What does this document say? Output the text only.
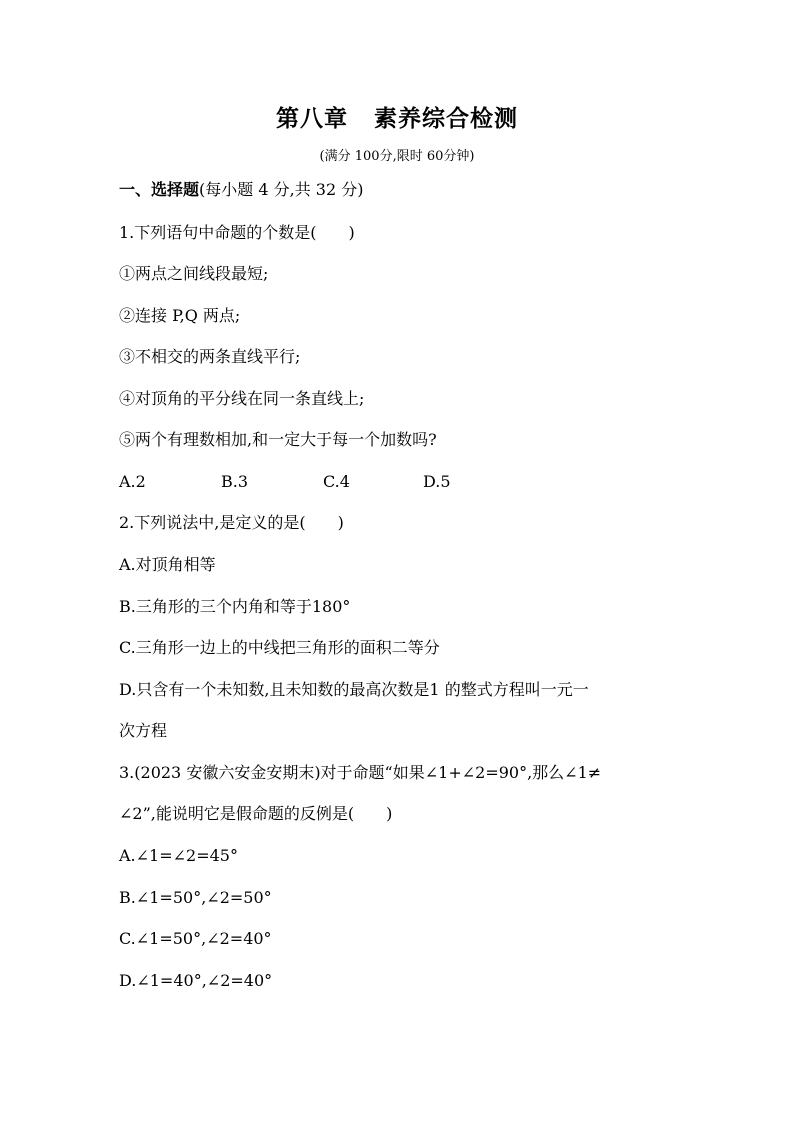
第八章 素养综合检测
(满分 100分,限时 60分钟)
一、选择题(每小题 4 分,共 32 分)
1.下列语句中命题的个数是(　　)
①两点之间线段最短;
②连接 P,Q 两点;
③不相交的两条直线平行;
④对顶角的平分线在同一条直线上;
⑤两个有理数相加,和一定大于每一个加数吗?
A.2	B.3	C.4	D.5
2.下列说法中,是定义的是(　　)
A.对顶角相等
B.三角形的三个内角和等于180°
C.三角形一边上的中线把三角形的面积二等分
D.只含有一个未知数,且未知数的最高次数是1 的整式方程叫一元一
次方程
3.(2023 安徽六安金安期末)对于命题“如果∠1+∠2=90°,那么∠1≠
∠2”,能说明它是假命题的反例是(　　)
A.∠1=∠2=45°
B.∠1=50°,∠2=50°
C.∠1=50°,∠2=40°
D.∠1=40°,∠2=40°
